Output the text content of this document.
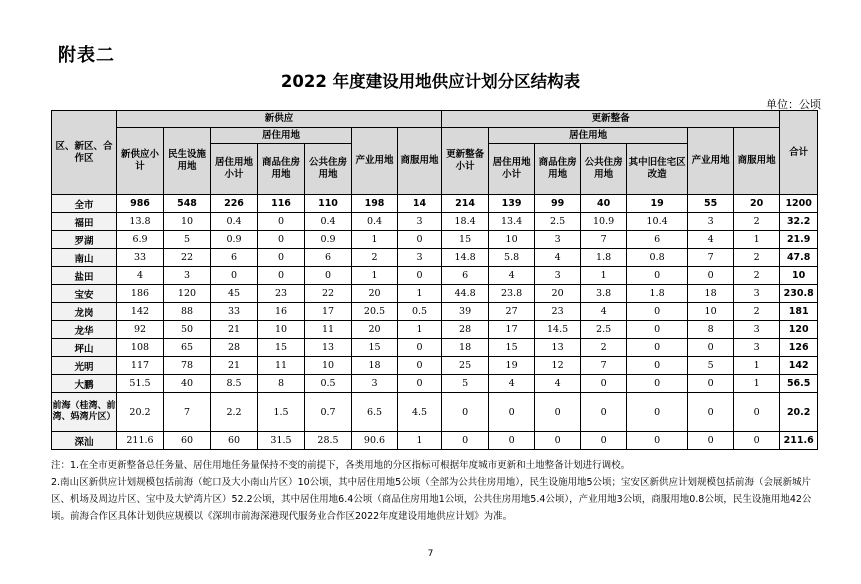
附表二
2022 年度建设用地供应计划分区结构表
单位：公顷
区、新区、合作区	新供应							更新整备							合计
	新供应小计	民生设施用地	居住用地			产业用地	商服用地	更新整备小计	居住用地				产业用地	商服用地	
			居住用地小计	商品住房用地	公共住房用地				居住用地小计	商品住房用地	公共住房用地	其中旧住宅区改造			
全市	986	548	226	116	110	198	14	214	139	99	40	19	55	20	1200
福田	13.8	10	0.4	0	0.4	0.4	3	18.4	13.4	2.5	10.9	10.4	3	2	32.2
罗湖	6.9	5	0.9	0	0.9	1	0	15	10	3	7	6	4	1	21.9
南山	33	22	6	0	6	2	3	14.8	5.8	4	1.8	0.8	7	2	47.8
盐田	4	3	0	0	0	1	0	6	4	3	1	0	0	2	10
宝安	186	120	45	23	22	20	1	44.8	23.8	20	3.8	1.8	18	3	230.8
龙岗	142	88	33	16	17	20.5	0.5	39	27	23	4	0	10	2	181
龙华	92	50	21	10	11	20	1	28	17	14.5	2.5	0	8	3	120
坪山	108	65	28	15	13	15	0	18	15	13	2	0	0	3	126
光明	117	78	21	11	10	18	0	25	19	12	7	0	5	1	142
大鹏	51.5	40	8.5	8	0.5	3	0	5	4	4	0	0	0	1	56.5
前海（桂湾、前湾、妈湾片区）	20.2	7	2.2	1.5	0.7	6.5	4.5	0	0	0	0	0	0	0	20.2
深汕	211.6	60	60	31.5	28.5	90.6	1	0	0	0	0	0	0	0	211.6

注：1.在全市更新整备总任务量、居住用地任务量保持不变的前提下，各类用地的分区指标可根据年度城市更新和土地整备计划进行调校。

2.南山区新供应计划规模包括前海（蛇口及大小南山片区）10公顷，其中居住用地5公顷（全部为公共住房用地），民生设施用地5公顷；宝安区新供应计划规模包括前海（会展新城片区、机场及周边片区、宝中及大铲湾片区）52.2公顷，其中居住用地6.4公顷（商品住房用地1公顷，公共住房用地5.4公顷），产业用地3公顷，商服用地0.8公顷，民生设施用地42公顷。前海合作区具体计划供应规模以《深圳市前海深港现代服务业合作区2022年度建设用地供应计划》为准。

7
